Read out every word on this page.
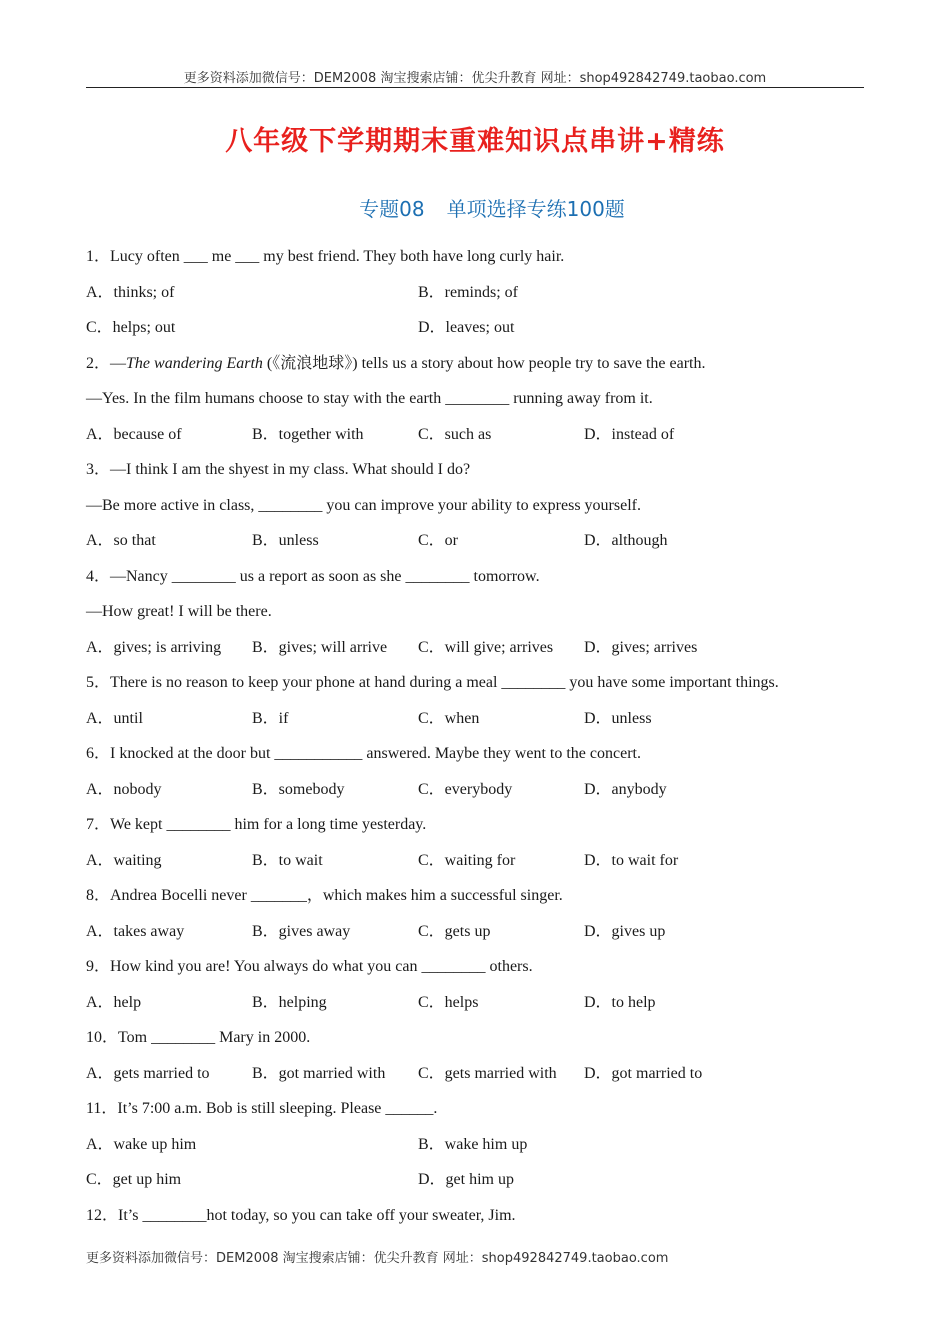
更多资料添加微信号：DEM2008 淘宝搜索店铺：优尖升教育 网址：shop492842749.taobao.com
八年级下学期期末重难知识点串讲+精练
专题08 单项选择专练100题
1．Lucy often ___ me ___ my best friend. They both have long curly hair.
A．thinks; of	B．reminds; of
C．helps; out	D．leaves; out
2．—The wandering Earth (《流浪地球》) tells us a story about how people try to save the earth.
—Yes. In the film humans choose to stay with the earth ________ running away from it.
A．because of	B．together with	C．such as	D．instead of
3．—I think I am the shyest in my class. What should I do?
—Be more active in class, ________ you can improve your ability to express yourself.
A．so that	B．unless	C．or	D．although
4．—Nancy ________ us a report as soon as she ________ tomorrow.
—How great! I will be there.
A．gives; is arriving	B．gives; will arrive	C．will give; arrives	D．gives; arrives
5．There is no reason to keep your phone at hand during a meal ________ you have some important things.
A．until	B．if	C．when	D．unless
6．I knocked at the door but ___________ answered. Maybe they went to the concert.
A．nobody	B．somebody	C．everybody	D．anybody
7．We kept ________ him for a long time yesterday.
A．waiting	B．to wait	C．waiting for	D．to wait for
8．Andrea Bocelli never _______，which makes him a successful singer.
A．takes away	B．gives away	C．gets up	D．gives up
9．How kind you are! You always do what you can ________ others.
A．help	B．helping	C．helps	D．to help
10．Tom ________ Mary in 2000.
A．gets married to	B．got married with	C．gets married with	D．got married to
11．It’s 7:00 a.m. Bob is still sleeping. Please ______.
A．wake up him	B．wake him up
C．get up him	D．get him up
12．It’s ________hot today, so you can take off your sweater, Jim.
更多资料添加微信号：DEM2008 淘宝搜索店铺：优尖升教育 网址：shop492842749.taobao.com
